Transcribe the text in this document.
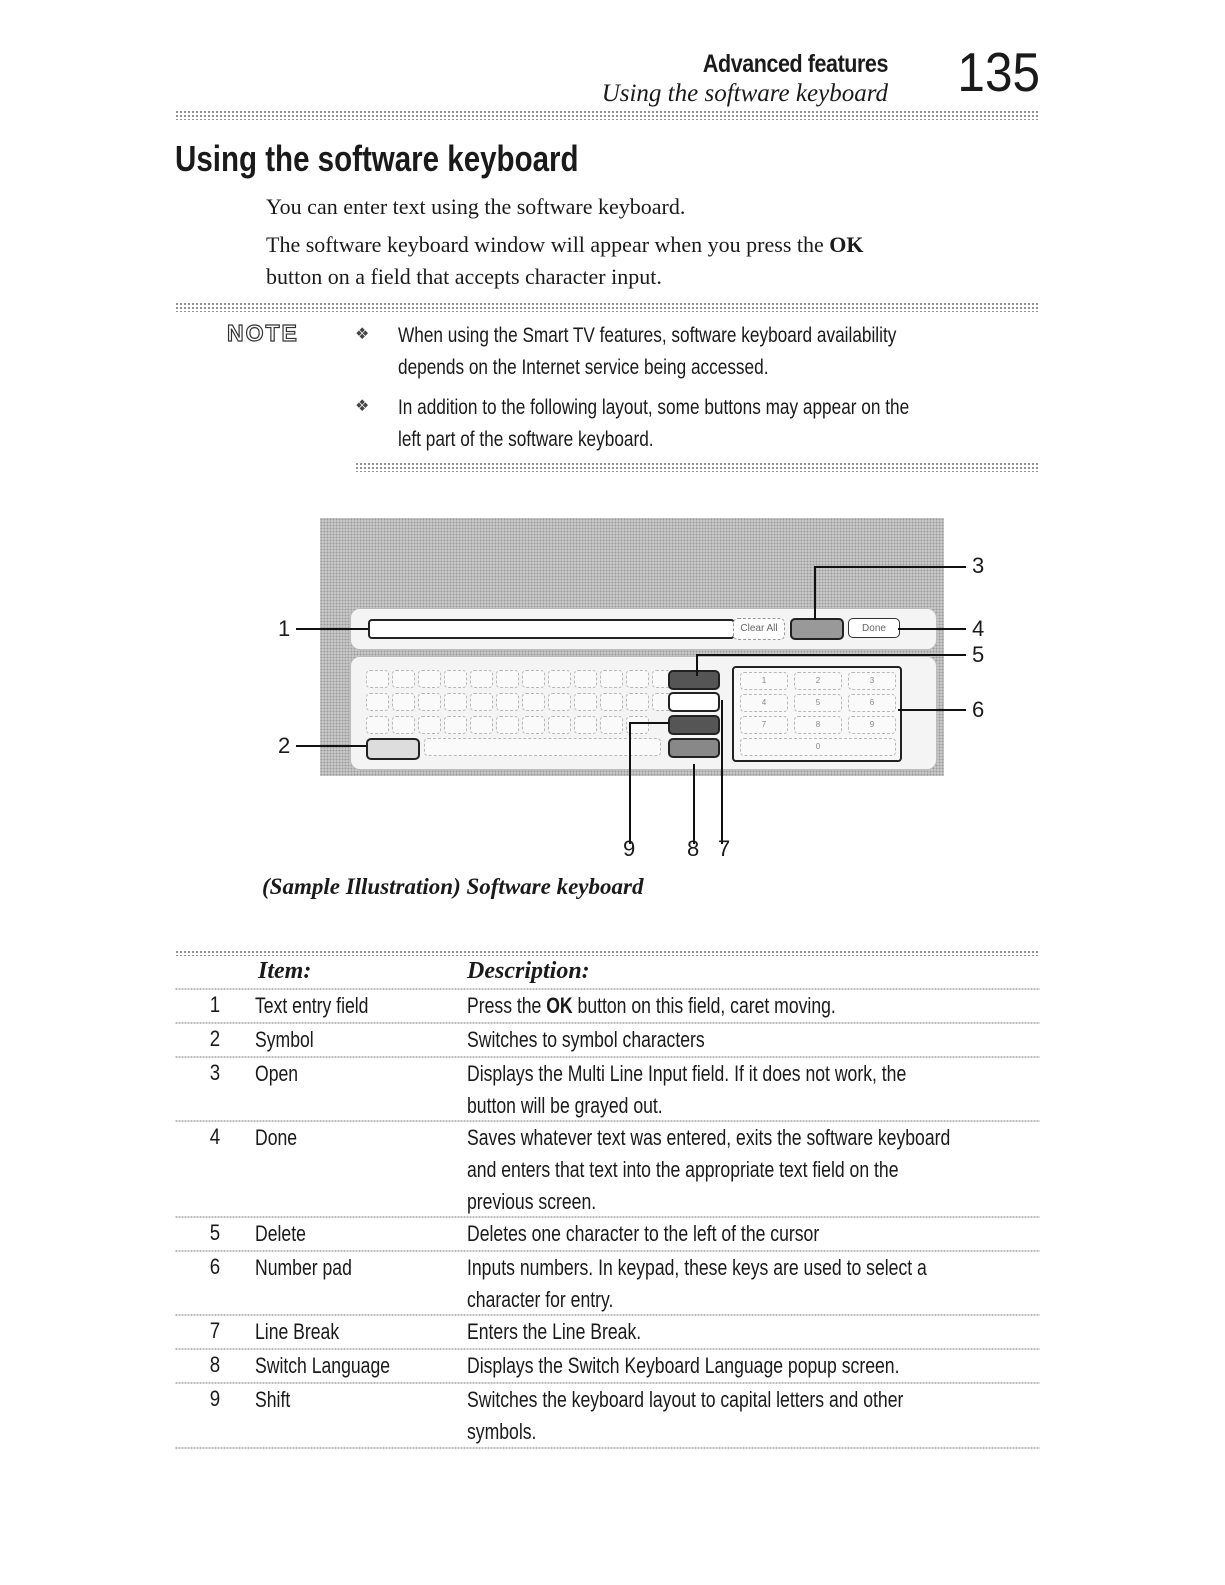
Advanced features
Using the software keyboard 135
Using the software keyboard
You can enter text using the software keyboard.
The software keyboard window will appear when you press the OK
button on a field that accepts character input.
NOTE	❖ When using the Smart TV features, software keyboard availability
depends on the Internet service being accessed.
❖ In addition to the following layout, some buttons may appear on the
left part of the software keyboard.
Clear All	Done
1	2	3
4	5	6
7	8	9
0
1
2
3
4
5
6
9 8 7
(Sample Illustration) Software keyboard
Item:	Description:
1	Text entry field	Press the OK button on this field, caret moving.
2	Symbol	Switches to symbol characters
3	Open	Displays the Multi Line Input field. If it does not work, the
button will be grayed out.
4	Done	Saves whatever text was entered, exits the software keyboard
and enters that text into the appropriate text field on the
previous screen.
5	Delete	Deletes one character to the left of the cursor
6	Number pad	Inputs numbers. In keypad, these keys are used to select a
character for entry.
7	Line Break	Enters the Line Break.
8	Switch Language	Displays the Switch Keyboard Language popup screen.
9	Shift	Switches the keyboard layout to capital letters and other
symbols.
